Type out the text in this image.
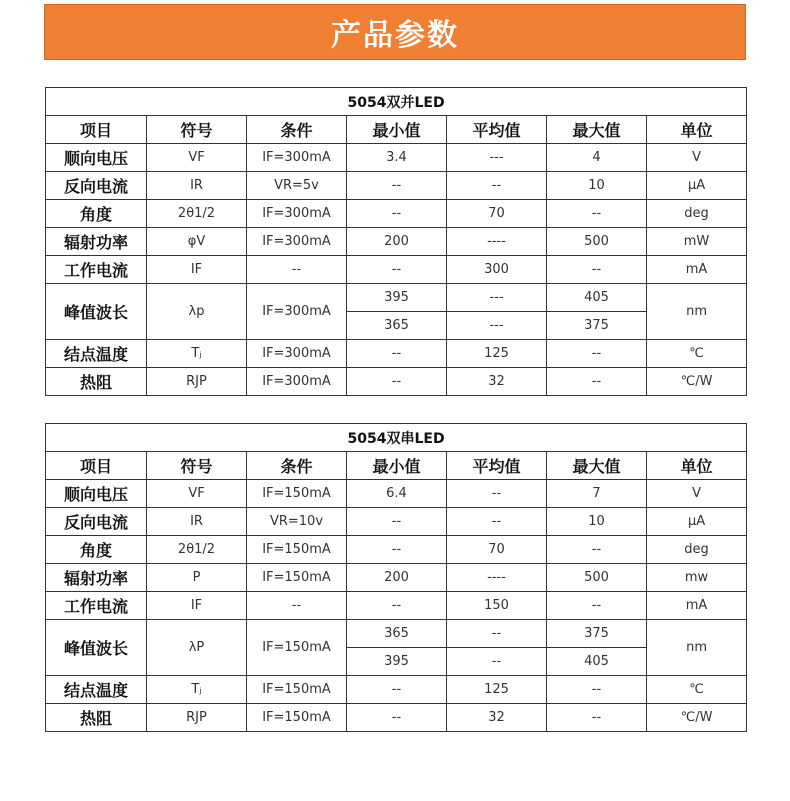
产品参数
5054双并LED						
项目	符号	条件	最小值	平均值	最大值	单位
顺向电压	VF	IF=300mA	3.4	---	4	V
反向电流	IR	VR=5v	--	--	10	μA
角度	2θ1/2	IF=300mA	--	70	--	deg
辐射功率	φV	IF=300mA	200	----	500	mW
工作电流	IF	--	--	300	--	mA
峰值波长	λp	IF=300mA	395	---	405	nm
			365	---	375	
结点温度	Tⱼ	IF=300mA	--	125	--	℃
热阻	RJP	IF=300mA	--	32	--	℃/W
5054双串LED						
项目	符号	条件	最小值	平均值	最大值	单位
顺向电压	VF	IF=150mA	6.4	--	7	V
反向电流	IR	VR=10v	--	--	10	μA
角度	2θ1/2	IF=150mA	--	70	--	deg
辐射功率	P	IF=150mA	200	----	500	mw
工作电流	IF	--	--	150	--	mA
峰值波长	λP	IF=150mA	365	--	375	nm
			395	--	405	
结点温度	Tⱼ	IF=150mA	--	125	--	℃
热阻	RJP	IF=150mA	--	32	--	℃/W
